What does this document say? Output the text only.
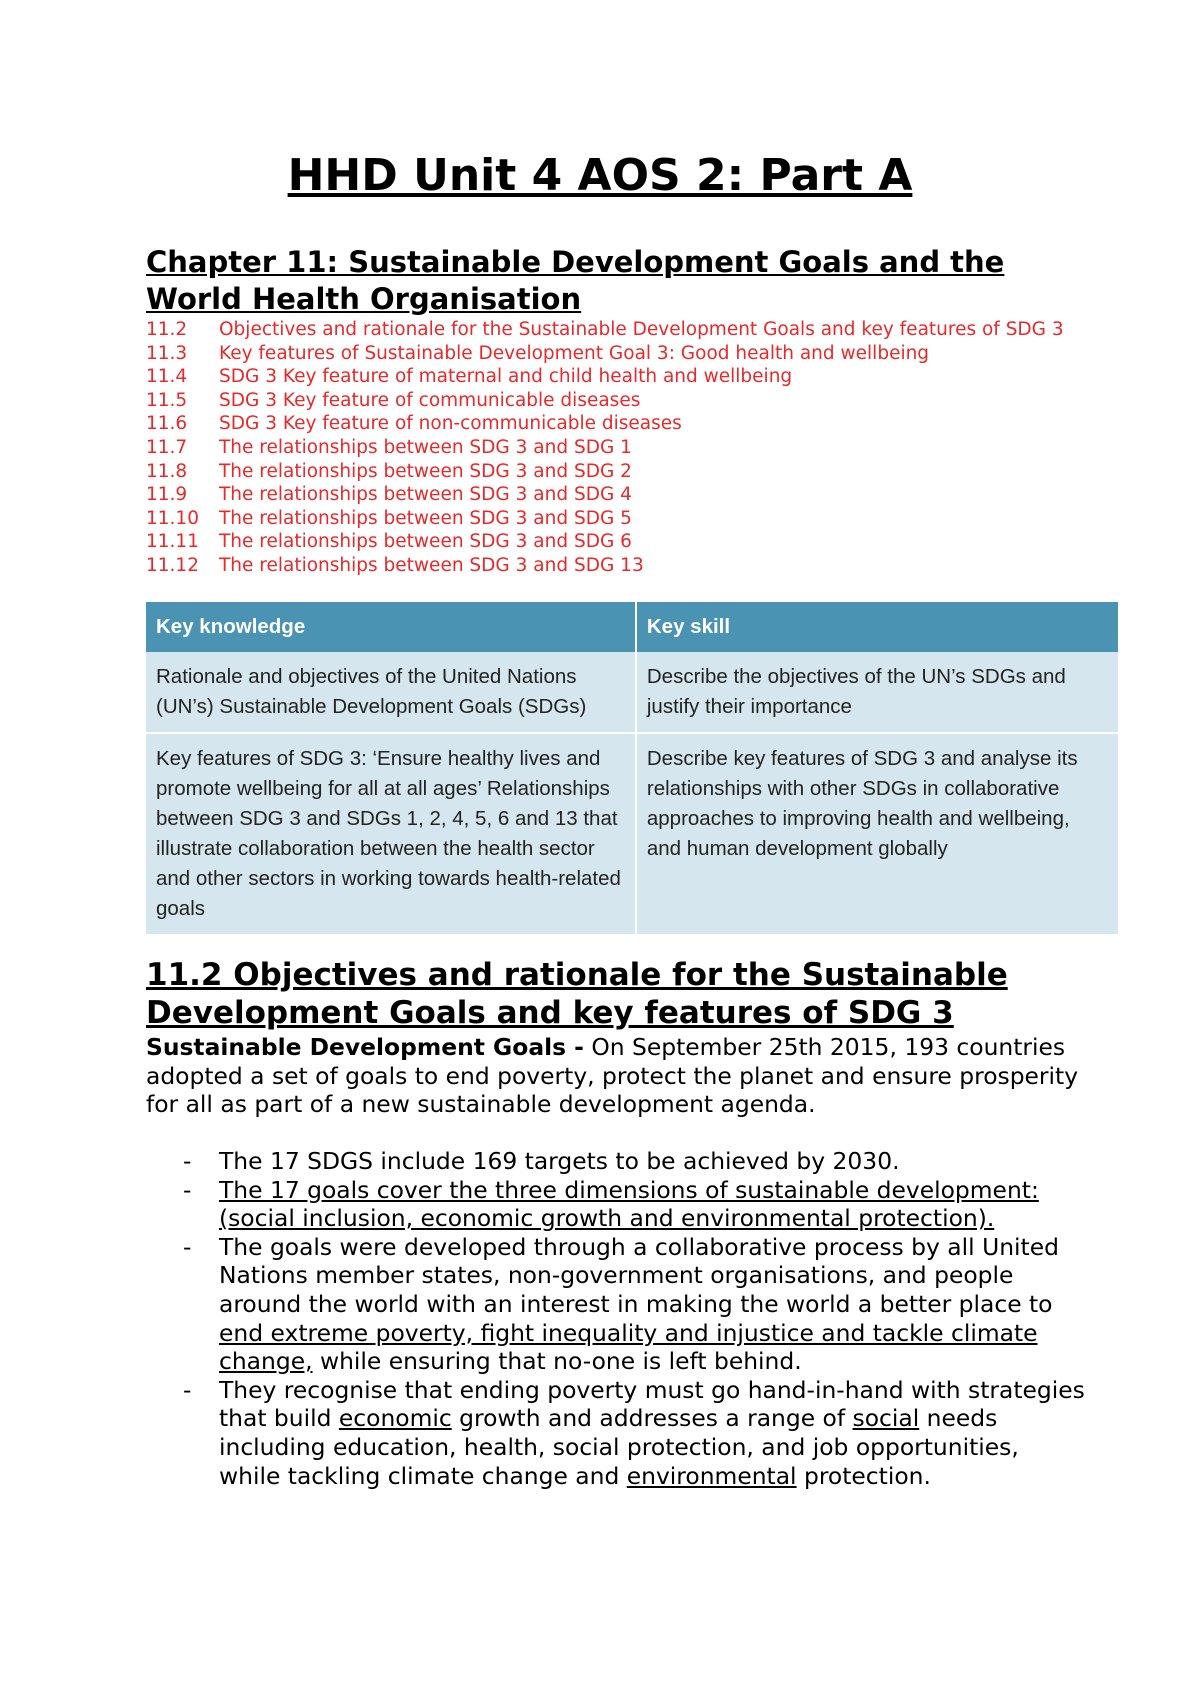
HHD Unit 4 AOS 2: Part A
Chapter 11: Sustainable Development Goals and the World Health Organisation
11.2 Objectives and rationale for the Sustainable Development Goals and key features of SDG 3
11.3 Key features of Sustainable Development Goal 3: Good health and wellbeing
11.4 SDG 3 Key feature of maternal and child health and wellbeing
11.5 SDG 3 Key feature of communicable diseases
11.6 SDG 3 Key feature of non-communicable diseases
11.7 The relationships between SDG 3 and SDG 1
11.8 The relationships between SDG 3 and SDG 2
11.9 The relationships between SDG 3 and SDG 4
11.10 The relationships between SDG 3 and SDG 5
11.11 The relationships between SDG 3 and SDG 6
11.12 The relationships between SDG 3 and SDG 13
Key knowledge	Key skill
Rationale and objectives of the United Nations (UN’s) Sustainable Development Goals (SDGs)	Describe the objectives of the UN’s SDGs and justify their importance
Key features of SDG 3: ‘Ensure healthy lives and promote wellbeing for all at all ages’ Relationships between SDG 3 and SDGs 1, 2, 4, 5, 6 and 13 that illustrate collaboration between the health sector and other sectors in working towards health-related goals	Describe key features of SDG 3 and analyse its relationships with other SDGs in collaborative approaches to improving health and wellbeing, and human development globally
11.2 Objectives and rationale for the Sustainable Development Goals and key features of SDG 3

Sustainable Development Goals - On September 25th 2015, 193 countries adopted a set of goals to end poverty, protect the planet and ensure prosperity for all as part of a new sustainable development agenda.

- The 17 SDGS include 169 targets to be achieved by 2030.
- The 17 goals cover the three dimensions of sustainable development: (social inclusion, economic growth and environmental protection).
- The goals were developed through a collaborative process by all United Nations member states, non-government organisations, and people around the world with an interest in making the world a better place to end extreme poverty, fight inequality and injustice and tackle climate change, while ensuring that no-one is left behind.
- They recognise that ending poverty must go hand-in-hand with strategies that build economic growth and addresses a range of social needs including education, health, social protection, and job opportunities, while tackling climate change and environmental protection.
